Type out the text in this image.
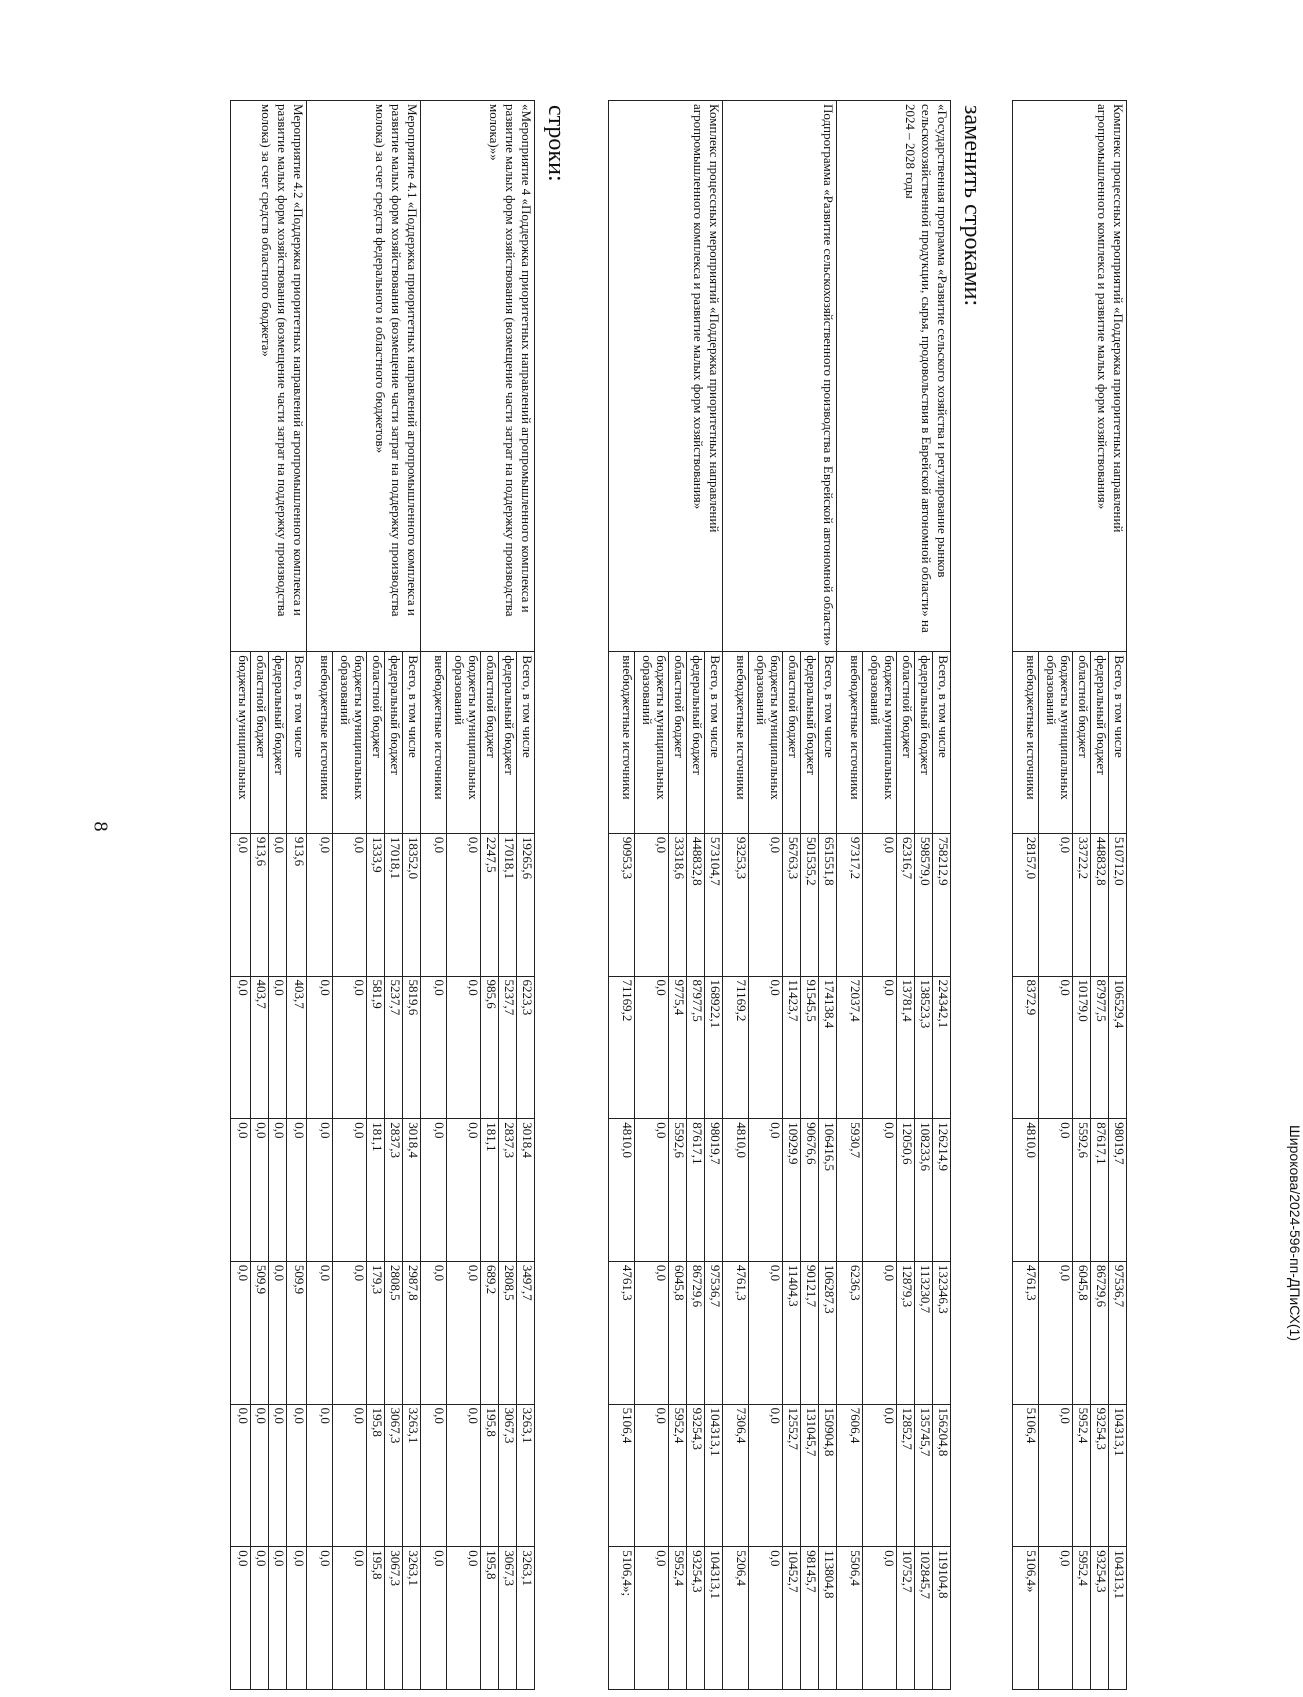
8
Комплекс процессных мероприятий «Поддержка приоритетных направлений агропромышленного комплекса и развитие малых форм хозяйствования»	Всего, в том числе	510712,0	106529,4	98019,7	97536,7	104313,1	104313,1
	федеральный бюджет	448832,8	87977,5	87617,1	86729,6	93254,3	93254,3
	областной бюджет	33722,2	10179,0	5592,6	6045,8	5952,4	5952,4
	бюджеты муниципальных образований	0,0	0,0	0,0	0,0	0,0	0,0
	внебюджетные источники	28157,0	8372,9	4810,0	4761,3	5106,4	5106,4»
заменить строками:
«Государственная программа «Развитие сельского хозяйства и регулирование рынков сельскохозяйственной продукции, сырья, продовольствия в Еврейской автономной области» на 2024 – 2028 годы	Всего, в том числе	758212,9	224342,1	126214,9	132346,3	156204,8	119104,8
	федеральный бюджет	598579,0	138523,3	108233,6	113230,7	135745,7	102845,7
	областной бюджет	62316,7	13781,4	12050,6	12879,3	12852,7	10752,7
	бюджеты муниципальных образований	0,0	0,0	0,0	0,0	0,0	0,0
	внебюджетные источники	97317,2	72037,4	5930,7	6236,3	7606,4	5506,4
Подпрограмма «Развитие сельскохозяйственного производства в Еврейской автономной области»	Всего, в том числе	651551,8	174138,4	106416,5	106287,3	150904,8	113804,8
	федеральный бюджет	501535,2	91545,5	90676,6	90121,7	131045,7	98145,7
	областной бюджет	56763,3	11423,7	10929,9	11404,3	12552,7	10452,7
	бюджеты муниципальных образований	0,0	0,0	0,0	0,0	0,0	0,0
	внебюджетные источники	93253,3	71169,2	4810,0	4761,3	7306,4	5206,4
Комплекс процессных мероприятий «Поддержка приоритетных направлений агропромышленного комплекса и развитие малых форм хозяйствования»	Всего, в том числе	573104,7	168922,1	98019,7	97536,7	104313,1	104313,1
	федеральный бюджет	448832,8	87977,5	87617,1	86729,6	93254,3	93254,3
	областной бюджет	33318,6	9775,4	5592,6	6045,8	5952,4	5952,4
	бюджеты муниципальных образований	0,0	0,0	0,0	0,0	0,0	0,0
	внебюджетные источники	90953,3	71169,2	4810,0	4761,3	5106,4	5106,4»;
строки:
«Мероприятие 4 «Поддержка приоритетных направлений агропромышленного комплекса и развитие малых форм хозяйствования (возмещение части затрат на поддержку производства молока)»»	Всего, в том числе	19265,6	6223,3	3018,4	3497,7	3263,1	3263,1
	федеральный бюджет	17018,1	5237,7	2837,3	2808,5	3067,3	3067,3
	областной бюджет	2247,5	985,6	181,1	689,2	195,8	195,8
	бюджеты муниципальных образований	0,0	0,0	0,0	0,0	0,0	0,0
	внебюджетные источники	0,0	0,0	0,0	0,0	0,0	0,0
Мероприятие 4.1 «Поддержка приоритетных направлений агропромышленного комплекса и развитие малых форм хозяйствования (возмещение части затрат на поддержку производства молока) за счет средств федерального и областного бюджетов»	Всего, в том числе	18352,0	5819,6	3018,4	2987,8	3263,1	3263,1
	федеральный бюджет	17018,1	5237,7	2837,3	2808,5	3067,3	3067,3
	областной бюджет	1333,9	581,9	181,1	179,3	195,8	195,8
	бюджеты муниципальных образований	0,0	0,0	0,0	0,0	0,0	0,0
	внебюджетные источники	0,0	0,0	0,0	0,0	0,0	0,0
Мероприятие 4.2 «Поддержка приоритетных направлений агропромышленного комплекса и развитие малых форм хозяйствования (возмещение части затрат на поддержку производства молока) за счет средств областного бюджета»	Всего, в том числе	913,6	403,7	0,0	509,9	0,0	0,0
	федеральный бюджет	0,0	0,0	0,0	0,0	0,0	0,0
	областной бюджет	913,6	403,7	0,0	509,9	0,0	0,0
	бюджеты муниципальных	0,0	0,0	0,0	0,0	0,0	0,0
Широкова/2024-596-пп-ДПиСХ(1)
